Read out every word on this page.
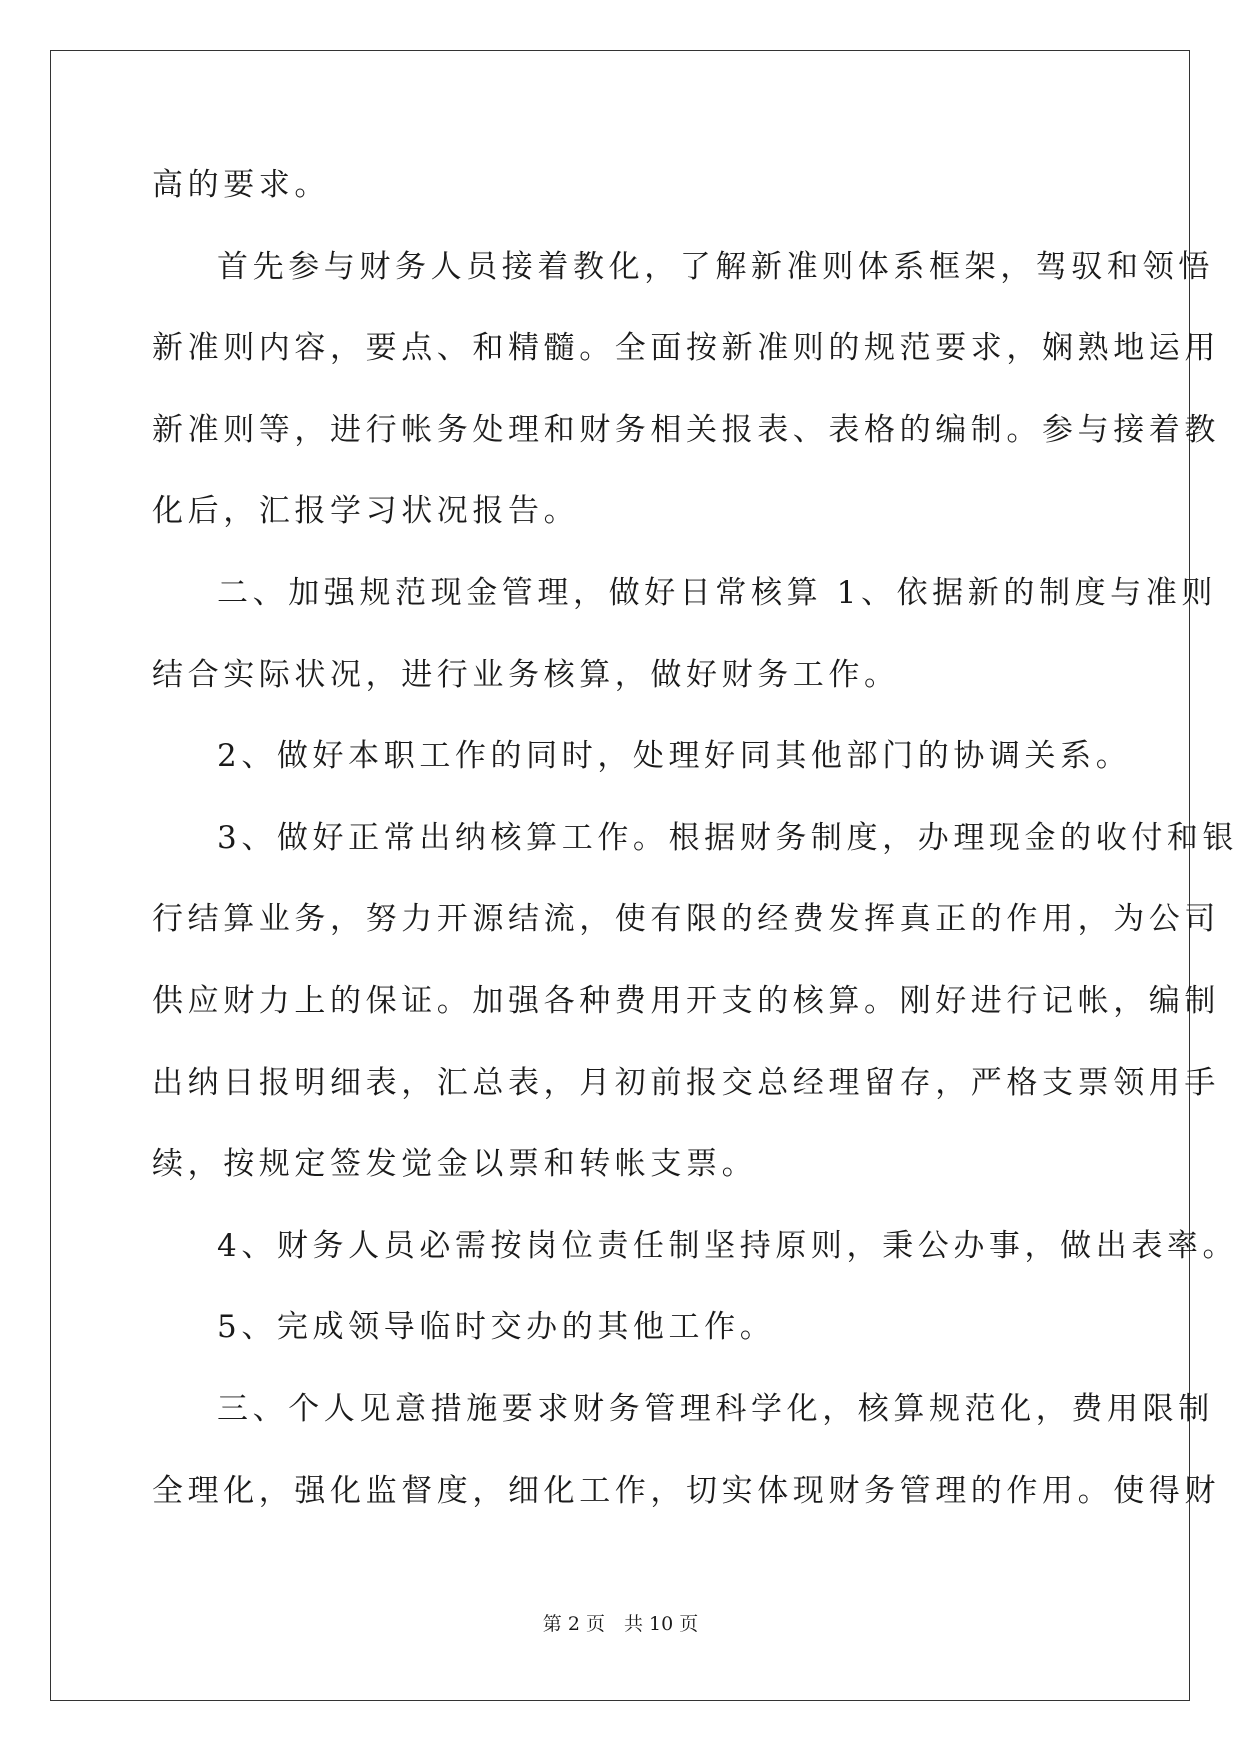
高的要求。
首先参与财务人员接着教化，了解新准则体系框架，驾驭和领悟
新准则内容，要点、和精髓。全面按新准则的规范要求，娴熟地运用
新准则等，进行帐务处理和财务相关报表、表格的编制。参与接着教
化后，汇报学习状况报告。
二、加强规范现金管理，做好日常核算 1、依据新的制度与准则
结合实际状况，进行业务核算，做好财务工作。
2、做好本职工作的同时，处理好同其他部门的协调关系。
3、做好正常出纳核算工作。根据财务制度，办理现金的收付和银
行结算业务，努力开源结流，使有限的经费发挥真正的作用，为公司
供应财力上的保证。加强各种费用开支的核算。刚好进行记帐，编制
出纳日报明细表，汇总表，月初前报交总经理留存，严格支票领用手
续，按规定签发觉金以票和转帐支票。
4、财务人员必需按岗位责任制坚持原则，秉公办事，做出表率。
5、完成领导临时交办的其他工作。
三、个人见意措施要求财务管理科学化，核算规范化，费用限制
全理化，强化监督度，细化工作，切实体现财务管理的作用。使得财
第 2 页　共 10 页
